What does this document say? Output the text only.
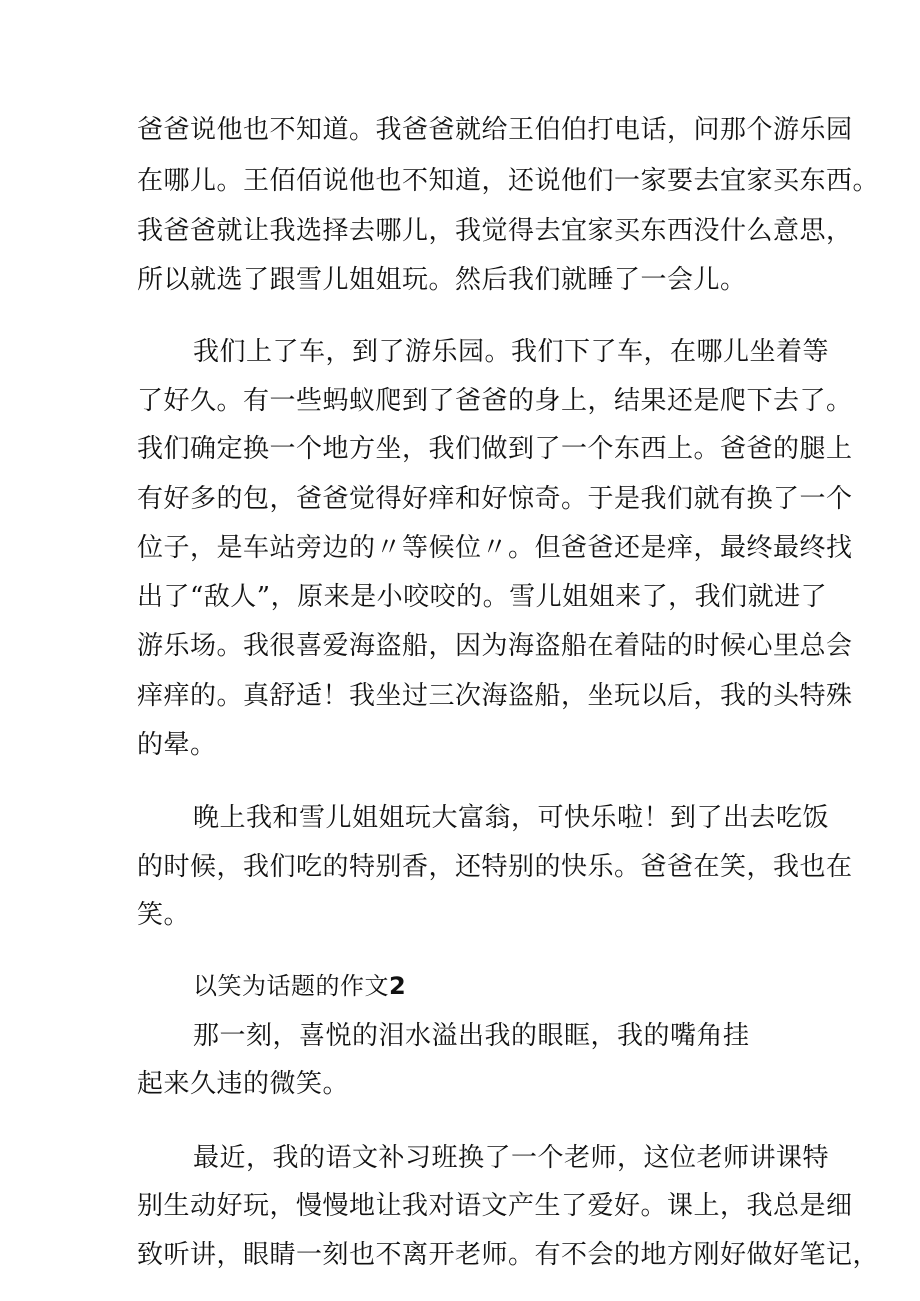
爸爸说他也不知道。我爸爸就给王伯伯打电话，问那个游乐园
在哪儿。王佰佰说他也不知道，还说他们一家要去宜家买东西。
我爸爸就让我选择去哪儿，我觉得去宜家买东西没什么意思，
所以就选了跟雪儿姐姐玩。然后我们就睡了一会儿。
我们上了车，到了游乐园。我们下了车，在哪儿坐着等
了好久。有一些蚂蚁爬到了爸爸的身上，结果还是爬下去了。
我们确定换一个地方坐，我们做到了一个东西上。爸爸的腿上
有好多的包，爸爸觉得好痒和好惊奇。于是我们就有换了一个
位子，是车站旁边的〃等候位〃。但爸爸还是痒，最终最终找
出了“敌人”，原来是小咬咬的。雪儿姐姐来了，我们就进了
游乐场。我很喜爱海盗船，因为海盗船在着陆的时候心里总会
痒痒的。真舒适！我坐过三次海盗船，坐玩以后，我的头特殊
的晕。
晚上我和雪儿姐姐玩大富翁，可快乐啦！到了出去吃饭
的时候，我们吃的特别香，还特别的快乐。爸爸在笑，我也在
笑。
以笑为话题的作文2
那一刻，喜悦的泪水溢出我的眼眶，我的嘴角挂
起来久违的微笑。
最近，我的语文补习班换了一个老师，这位老师讲课特
别生动好玩，慢慢地让我对语文产生了爱好。课上，我总是细
致听讲，眼睛一刻也不离开老师。有不会的地方刚好做好笔记，
